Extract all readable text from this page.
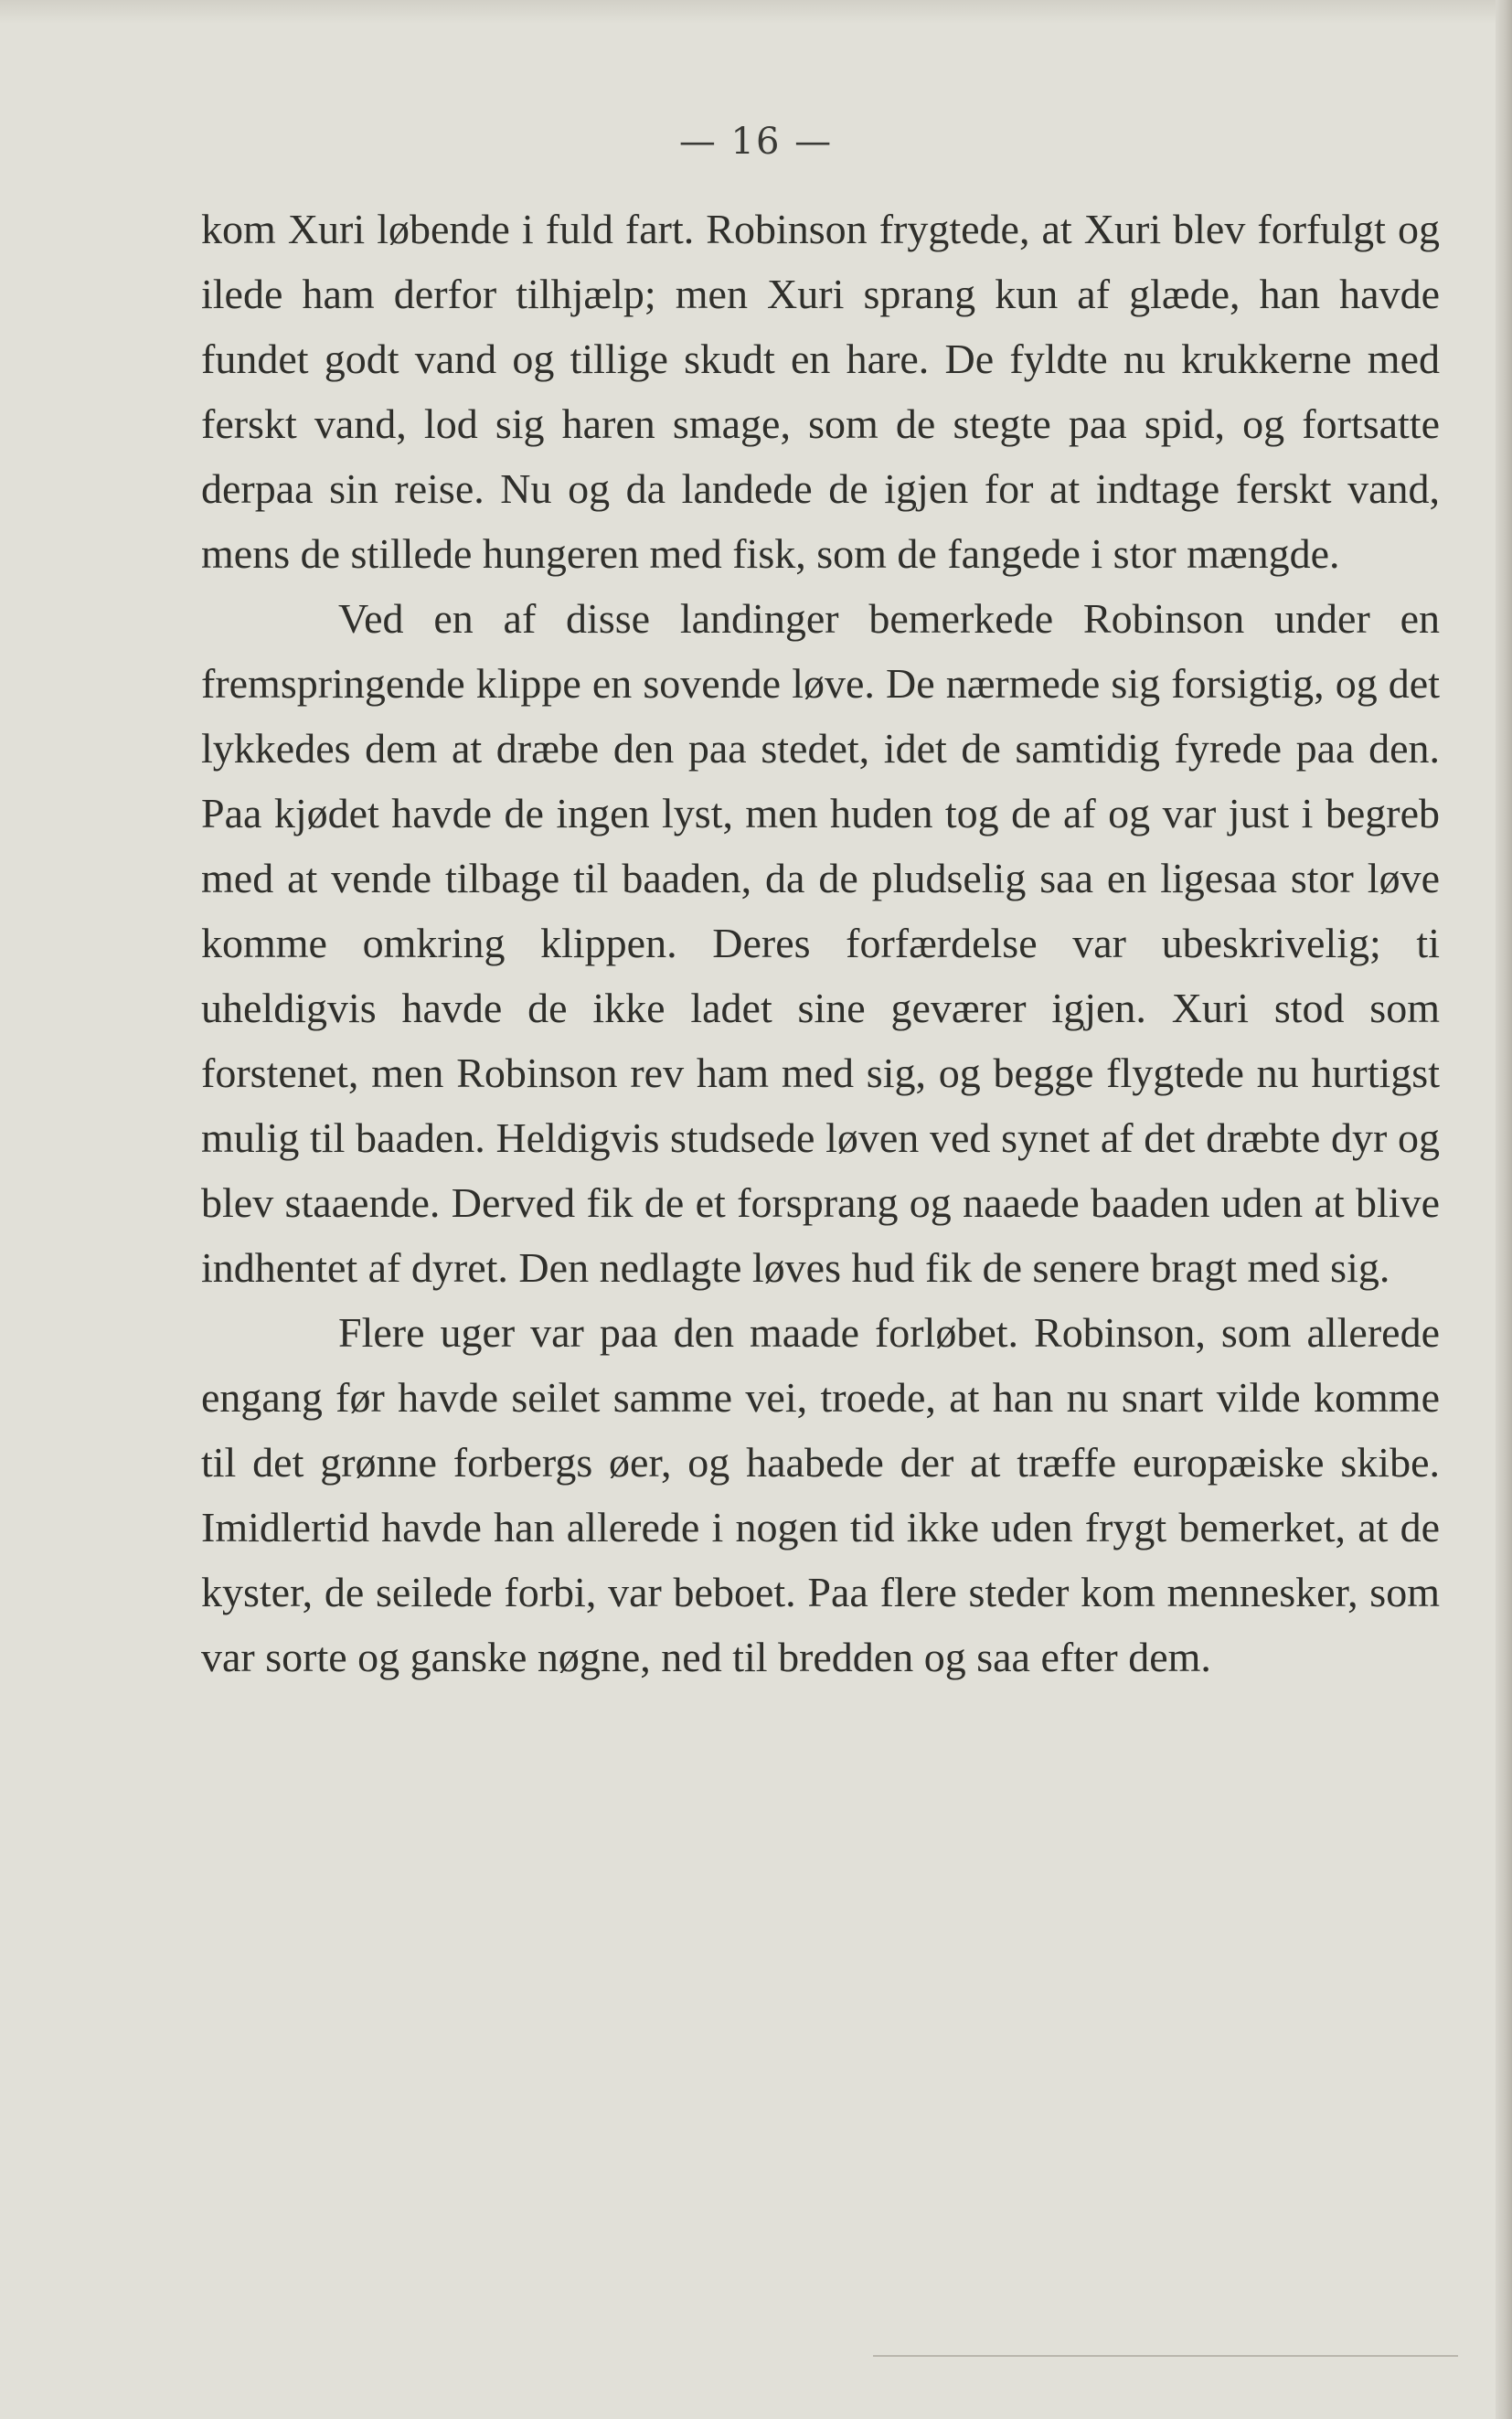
— 16 —

kom Xuri løbende i fuld fart. Robinson frygtede, at Xuri blev forfulgt og ilede ham derfor tilhjælp; men Xuri sprang kun af glæde, han havde fundet godt vand og tillige skudt en hare. De fyldte nu krukkerne med ferskt vand, lod sig haren smage, som de stegte paa spid, og fortsatte derpaa sin reise. Nu og da landede de igjen for at indtage ferskt vand, mens de stillede hungeren med fisk, som de fangede i stor mængde.

Ved en af disse landinger bemerkede Robinson under en fremspringende klippe en sovende løve. De nærmede sig forsigtig, og det lykkedes dem at dræbe den paa stedet, idet de samtidig fyrede paa den. Paa kjødet havde de ingen lyst, men huden tog de af og var just i begreb med at vende tilbage til baaden, da de pludselig saa en ligesaa stor løve komme omkring klippen. Deres forfærdelse var ubeskrivelig; ti uheldigvis havde de ikke ladet sine geværer igjen. Xuri stod som forstenet, men Robinson rev ham med sig, og begge flygtede nu hurtigst mulig til baaden. Heldigvis studsede løven ved synet af det dræbte dyr og blev staaende. Derved fik de et forsprang og naaede baaden uden at blive indhentet af dyret. Den nedlagte løves hud fik de senere bragt med sig.

Flere uger var paa den maade forløbet. Robinson, som allerede engang før havde seilet samme vei, troede, at han nu snart vilde komme til det grønne forbergs øer, og haabede der at træffe europæiske skibe. Imidlertid havde han allerede i nogen tid ikke uden frygt bemerket, at de kyster, de seilede forbi, var beboet. Paa flere steder kom mennesker, som var sorte og ganske nøgne, ned til bredden og saa efter dem.
